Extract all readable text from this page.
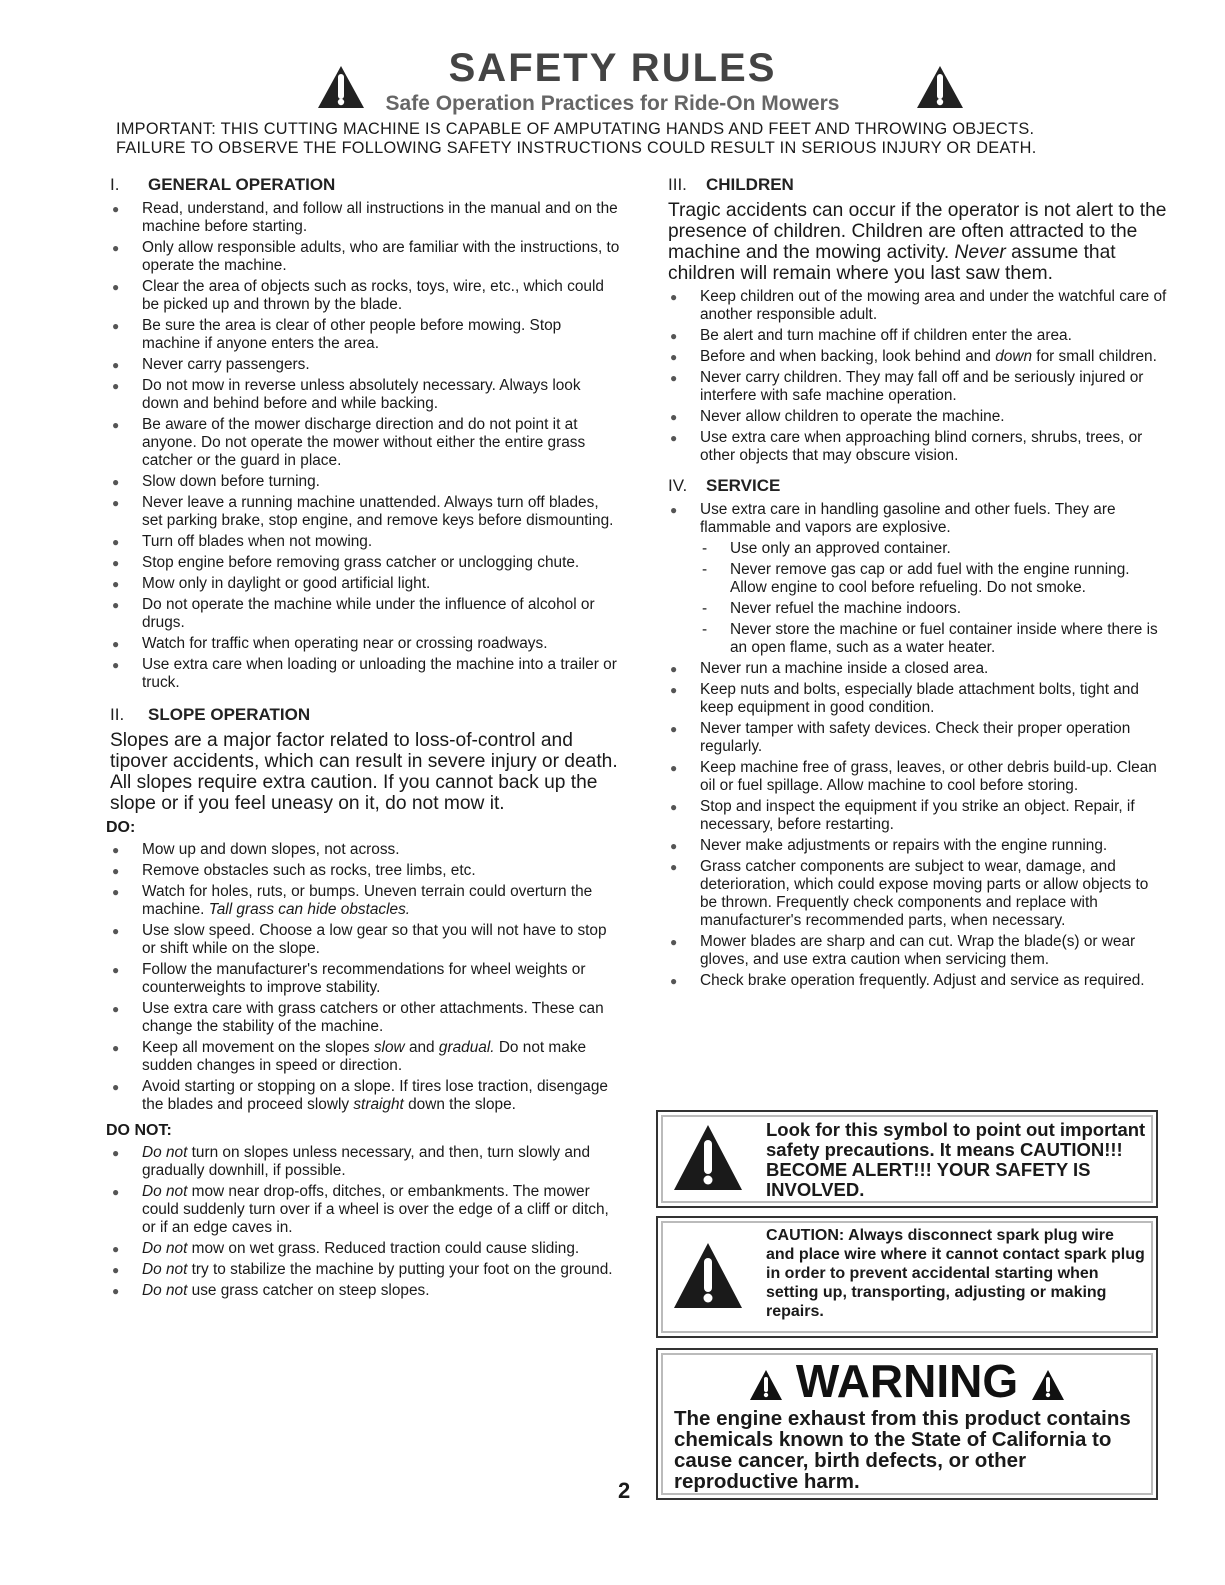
SAFETY RULES
Safe Operation Practices for Ride-On Mowers
IMPORTANT: THIS CUTTING MACHINE IS CAPABLE OF AMPUTATING HANDS AND FEET AND THROWING OBJECTS.
FAILURE TO OBSERVE THE FOLLOWING SAFETY INSTRUCTIONS COULD RESULT IN SERIOUS INJURY OR DEATH.
I.	GENERAL OPERATION
● Read, understand, and follow all instructions in the manual and on the machine before starting.
● Only allow responsible adults, who are familiar with the instructions, to operate the machine.
● Clear the area of objects such as rocks, toys, wire, etc., which could be picked up and thrown by the blade.
● Be sure the area is clear of other people before mowing. Stop machine if anyone enters the area.
● Never carry passengers.
● Do not mow in reverse unless absolutely necessary. Always look down and behind before and while backing.
● Be aware of the mower discharge direction and do not point it at anyone. Do not operate the mower without either the entire grass catcher or the guard in place.
● Slow down before turning.
● Never leave a running machine unattended. Always turn off blades, set parking brake, stop engine, and remove keys before dismounting.
● Turn off blades when not mowing.
● Stop engine before removing grass catcher or unclogging chute.
● Mow only in daylight or good artificial light.
● Do not operate the machine while under the influence of alcohol or drugs.
● Watch for traffic when operating near or crossing roadways.
● Use extra care when loading or unloading the machine into a trailer or truck.
II.	SLOPE OPERATION
Slopes are a major factor related to loss-of-control and tipover accidents, which can result in severe injury or death. All slopes require extra caution. If you cannot back up the slope or if you feel uneasy on it, do not mow it.
DO:
● Mow up and down slopes, not across.
● Remove obstacles such as rocks, tree limbs, etc.
● Watch for holes, ruts, or bumps. Uneven terrain could overturn the machine. Tall grass can hide obstacles.
● Use slow speed. Choose a low gear so that you will not have to stop or shift while on the slope.
● Follow the manufacturer's recommendations for wheel weights or counterweights to improve stability.
● Use extra care with grass catchers or other attachments. These can change the stability of the machine.
● Keep all movement on the slopes slow and gradual. Do not make sudden changes in speed or direction.
● Avoid starting or stopping on a slope. If tires lose traction, disengage the blades and proceed slowly straight down the slope.
DO NOT:
● Do not turn on slopes unless necessary, and then, turn slowly and gradually downhill, if possible.
● Do not mow near drop-offs, ditches, or embankments. The mower could suddenly turn over if a wheel is over the edge of a cliff or ditch, or if an edge caves in.
● Do not mow on wet grass. Reduced traction could cause sliding.
● Do not try to stabilize the machine by putting your foot on the ground.
● Do not use grass catcher on steep slopes.
III.	CHILDREN
Tragic accidents can occur if the operator is not alert to the presence of children. Children are often attracted to the machine and the mowing activity. Never assume that children will remain where you last saw them.
● Keep children out of the mowing area and under the watchful care of another responsible adult.
● Be alert and turn machine off if children enter the area.
● Before and when backing, look behind and down for small children.
● Never carry children. They may fall off and be seriously injured or interfere with safe machine operation.
● Never allow children to operate the machine.
● Use extra care when approaching blind corners, shrubs, trees, or other objects that may obscure vision.
IV.	SERVICE
● Use extra care in handling gasoline and other fuels. They are flammable and vapors are explosive.
- Use only an approved container.
- Never remove gas cap or add fuel with the engine running. Allow engine to cool before refueling. Do not smoke.
- Never refuel the machine indoors.
- Never store the machine or fuel container inside where there is an open flame, such as a water heater.
● Never run a machine inside a closed area.
● Keep nuts and bolts, especially blade attachment bolts, tight and keep equipment in good condition.
● Never tamper with safety devices. Check their proper operation regularly.
● Keep machine free of grass, leaves, or other debris build-up. Clean oil or fuel spillage. Allow machine to cool before storing.
● Stop and inspect the equipment if you strike an object. Repair, if necessary, before restarting.
● Never make adjustments or repairs with the engine running.
● Grass catcher components are subject to wear, damage, and deterioration, which could expose moving parts or allow objects to be thrown. Frequently check components and replace with manufacturer's recommended parts, when necessary.
● Mower blades are sharp and can cut. Wrap the blade(s) or wear gloves, and use extra caution when servicing them.
● Check brake operation frequently. Adjust and service as required.
Look for this symbol to point out important safety precautions. It means CAUTION!!! BECOME ALERT!!! YOUR SAFETY IS INVOLVED.
CAUTION: Always disconnect spark plug wire and place wire where it cannot contact spark plug in order to prevent accidental starting when setting up, transporting, adjusting or making repairs.
WARNING
The engine exhaust from this product contains chemicals known to the State of California to cause cancer, birth defects, or other reproductive harm.
2
